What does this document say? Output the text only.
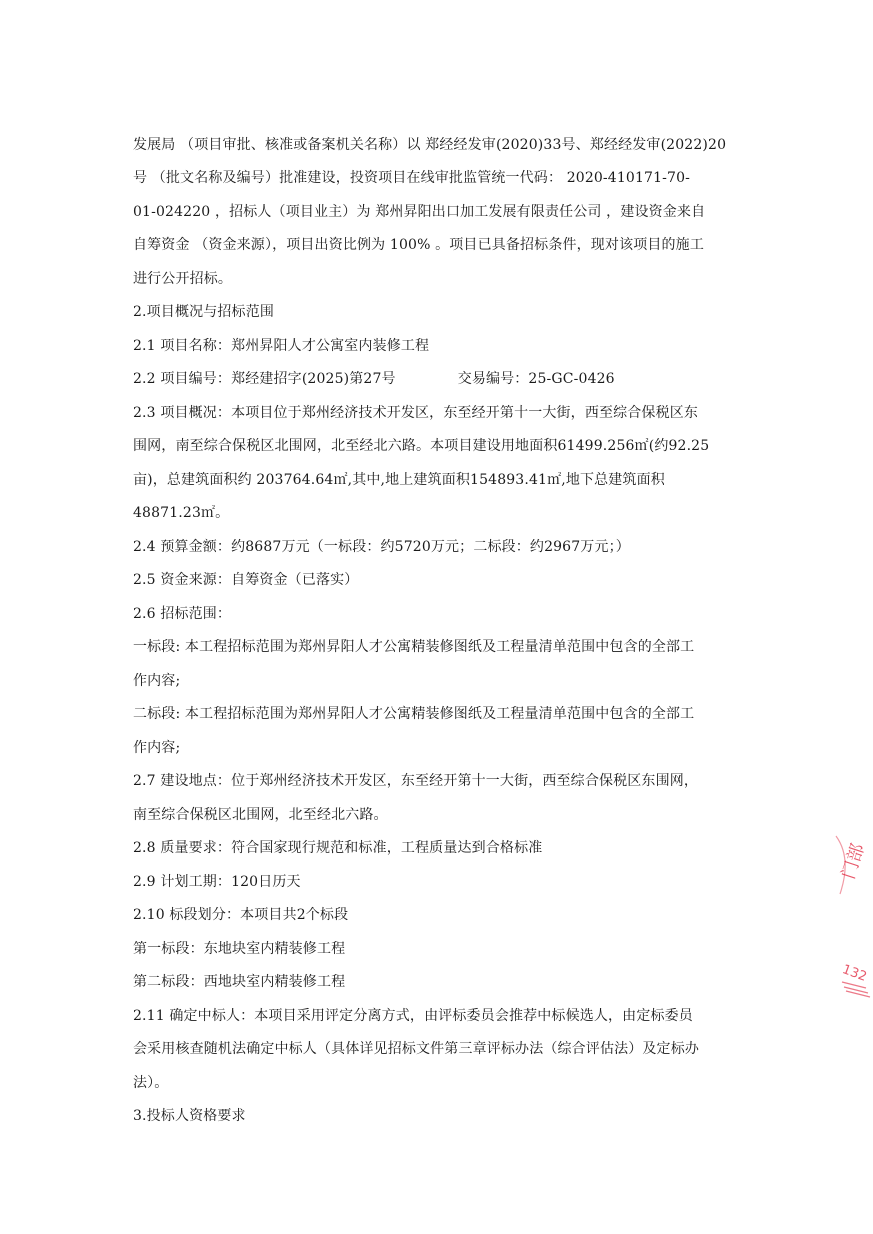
发展局 （项目审批、核准或备案机关名称）以 郑经经发审(2020)33号、郑经经发审(2022)20
号 （批文名称及编号）批准建设，投资项目在线审批监管统一代码： 2020-410171-70-
01-024220 ，招标人（项目业主）为 郑州昇阳出口加工发展有限责任公司 ，建设资金来自
自筹资金 （资金来源），项目出资比例为 100% 。项目已具备招标条件，现对该项目的施工
进行公开招标。
2.项目概况与招标范围
2.1 项目名称：郑州昇阳人才公寓室内装修工程
2.2 项目编号：郑经建招字(2025)第27号	交易编号：25-GC-0426
2.3 项目概况：本项目位于郑州经济技术开发区，东至经开第十一大街，西至综合保税区东
围网，南至综合保税区北围网，北至经北六路。本项目建设用地面积61499.256㎡(约92.25
亩)，总建筑面积约 203764.64㎡,其中,地上建筑面积154893.41㎡,地下总建筑面积
48871.23㎡。
2.4 预算金额：约8687万元（一标段：约5720万元；二标段：约2967万元；）
2.5 资金来源：自筹资金（已落实）
2.6 招标范围：
一标段: 本工程招标范围为郑州昇阳人才公寓精装修图纸及工程量清单范围中包含的全部工
作内容;
二标段: 本工程招标范围为郑州昇阳人才公寓精装修图纸及工程量清单范围中包含的全部工
作内容;
2.7 建设地点：位于郑州经济技术开发区，东至经开第十一大街，西至综合保税区东围网，
南至综合保税区北围网，北至经北六路。
2.8 质量要求：符合国家现行规范和标准，工程质量达到合格标准
2.9 计划工期：120日历天
2.10 标段划分：本项目共2个标段
第一标段：东地块室内精装修工程
第二标段：西地块室内精装修工程
2.11 确定中标人：本项目采用评定分离方式，由评标委员会推荐中标候选人，由定标委员
会采用核查随机法确定中标人（具体详见招标文件第三章评标办法（综合评估法）及定标办
法）。
3.投标人资格要求
门部
132
